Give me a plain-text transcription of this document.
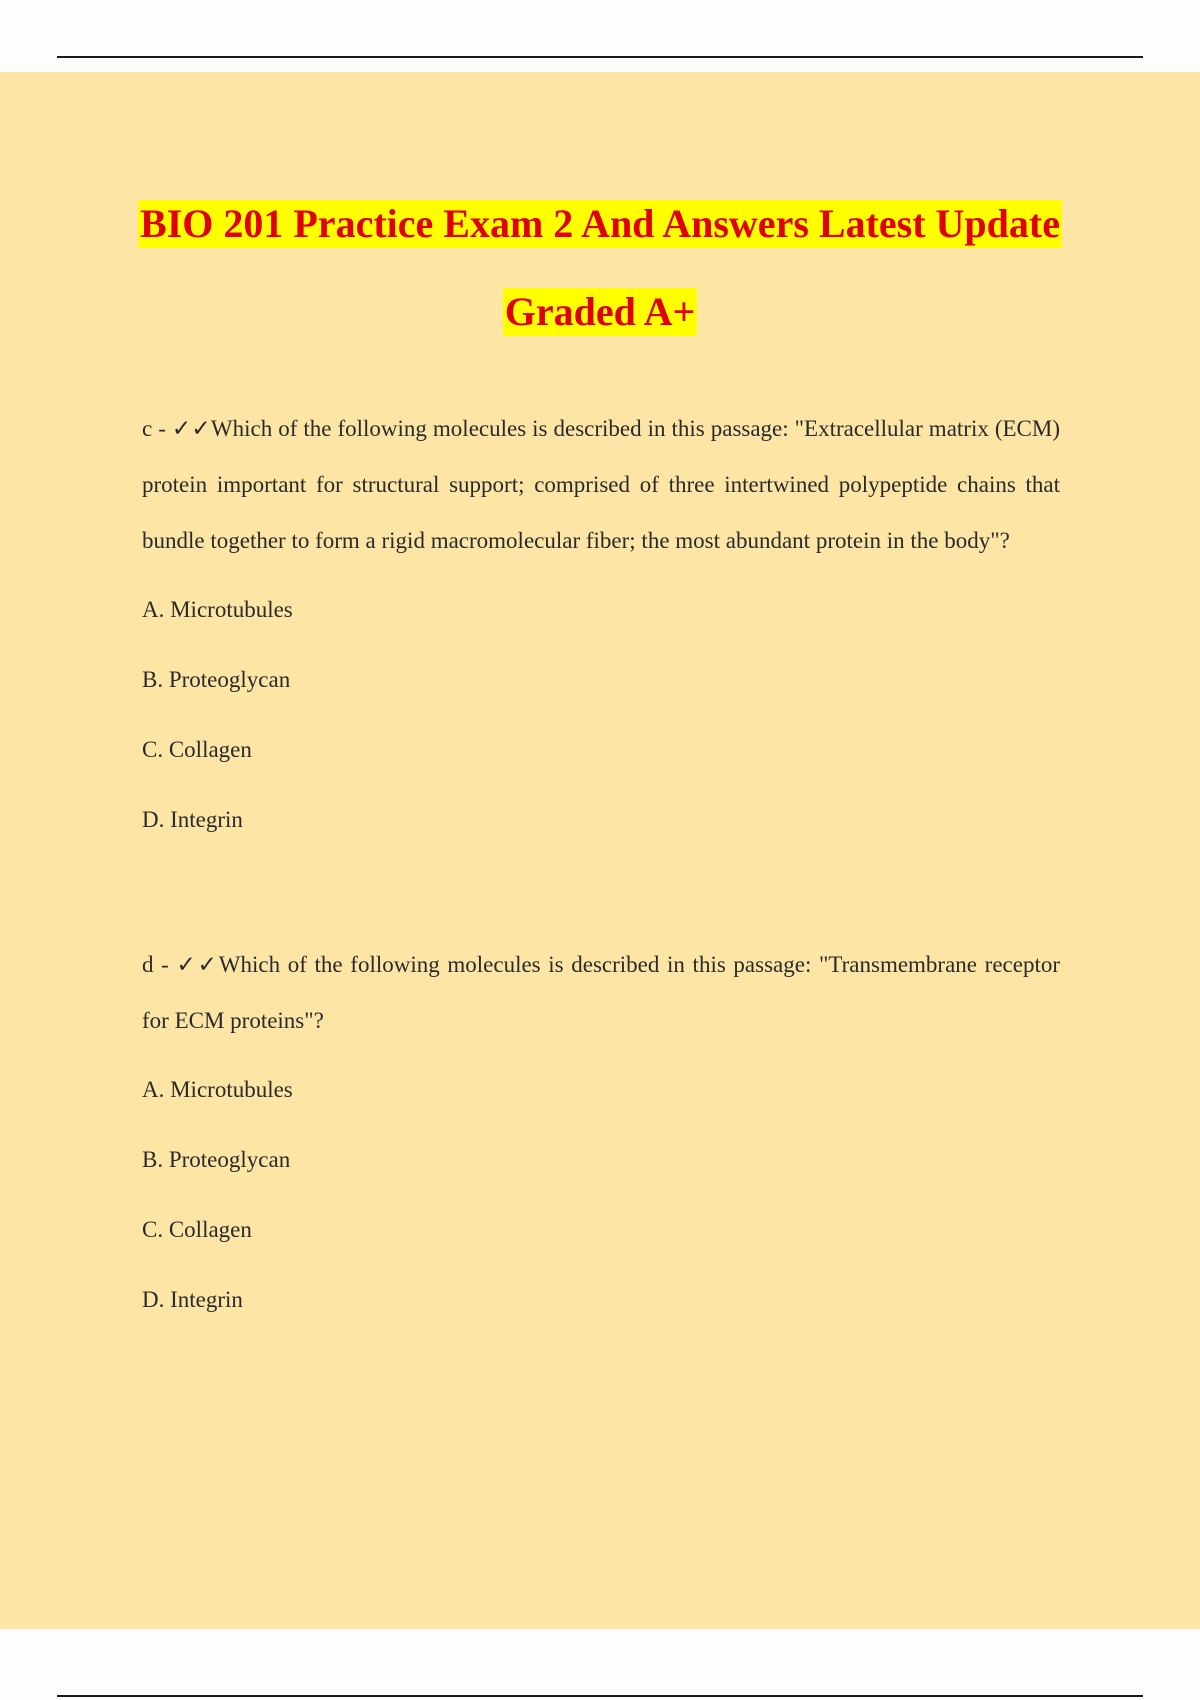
BIO 201 Practice Exam 2 And Answers Latest Update
Graded A+

c - ✓✓Which of the following molecules is described in this passage: "Extracellular matrix (ECM) protein important for structural support; comprised of three intertwined polypeptide chains that bundle together to form a rigid macromolecular fiber; the most abundant protein in the body"?

A. Microtubules
B. Proteoglycan
C. Collagen
D. Integrin

d - ✓✓Which of the following molecules is described in this passage: "Transmembrane receptor for ECM proteins"?

A. Microtubules
B. Proteoglycan
C. Collagen
D. Integrin
